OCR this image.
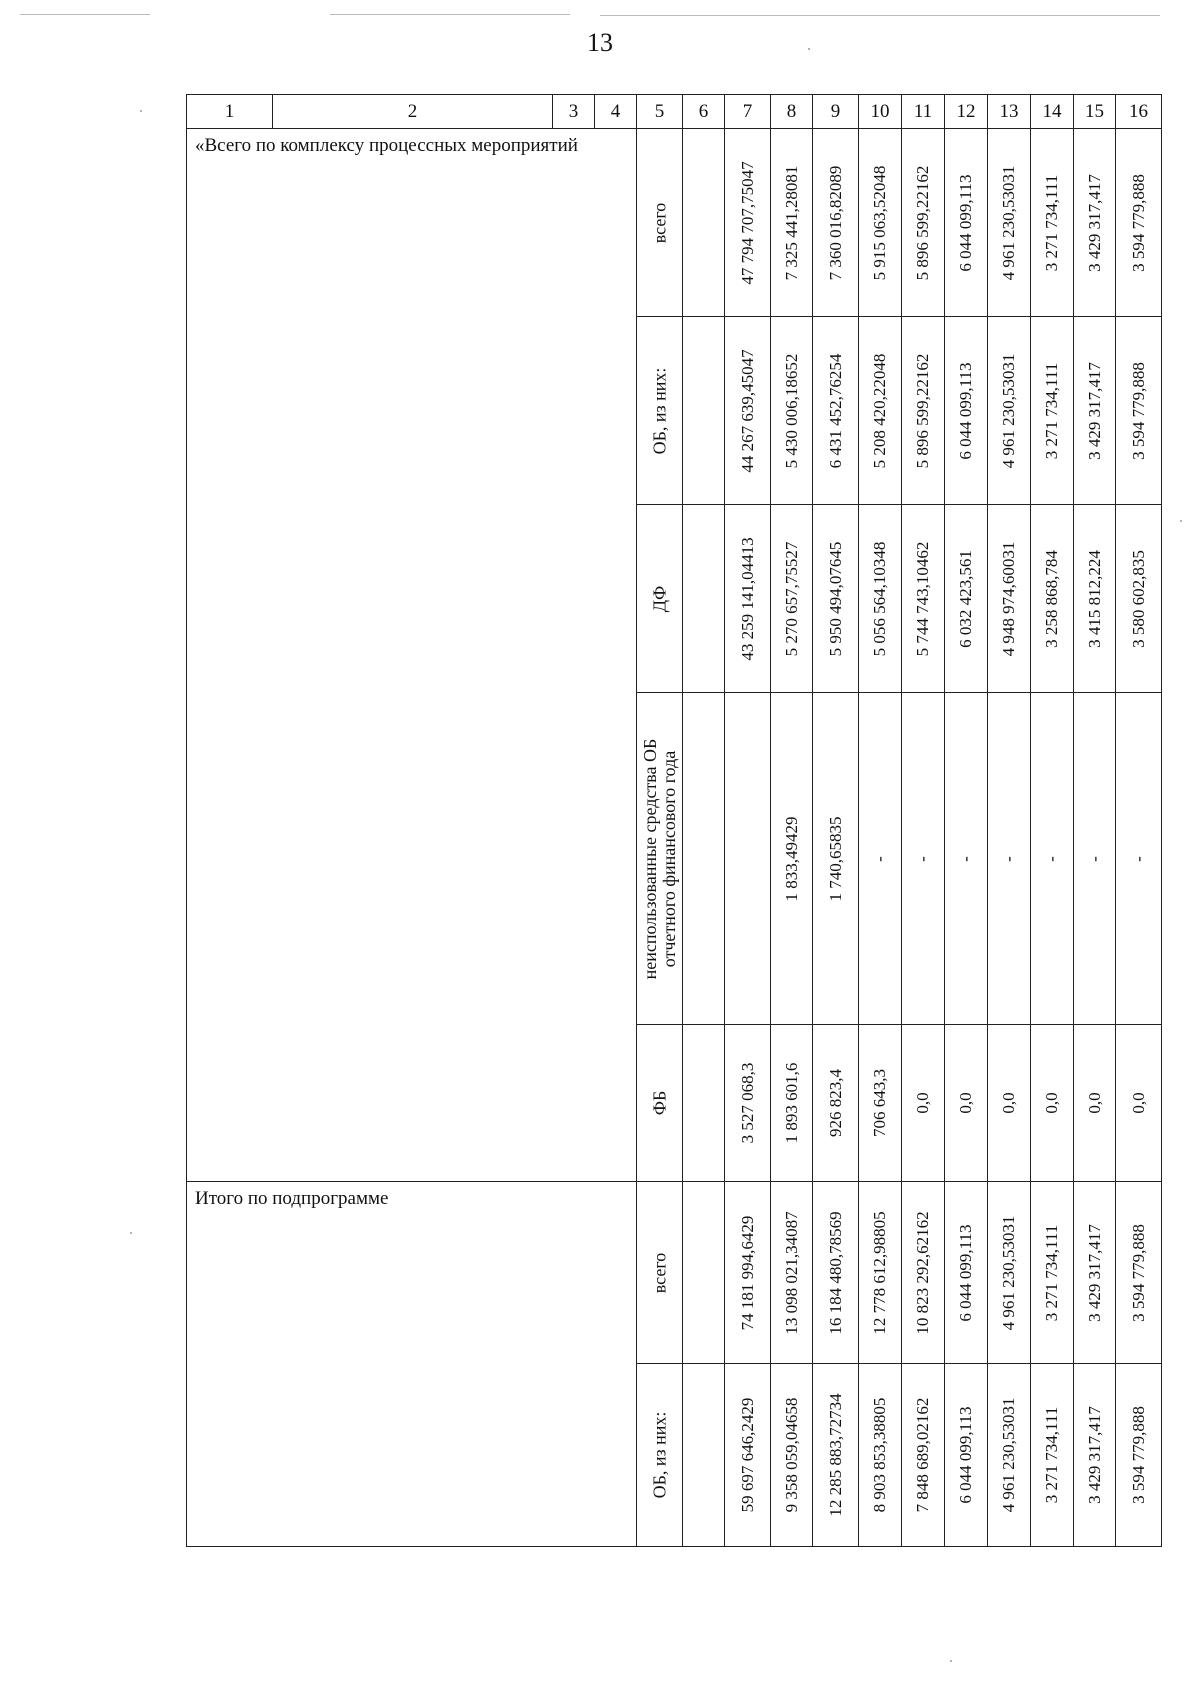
13
1	2	3	4	5	6	7	8	9	10	11	12	13	14	15	16
«Всего по комплексу процессных мероприятий				всего		47 794 707,75047	7 325 441,28081	7 360 016,82089	5 915 063,52048	5 896 599,22162	6 044 099,113	4 961 230,53031	3 271 734,111	3 429 317,417	3 594 779,888

				ОБ, из них:		44 267 639,45047	5 430 006,18652	6 431 452,76254	5 208 420,22048	5 896 599,22162	6 044 099,113	4 961 230,53031	3 271 734,111	3 429 317,417	3 594 779,888

				ДФ		43 259 141,04413	5 270 657,75527	5 950 494,07645	5 056 564,10348	5 744 743,10462	6 032 423,561	4 948 974,60031	3 258 868,784	3 415 812,224	3 580 602,835

				неиспользованные средства ОБ отчетного финансового года			1 833,49429	1 740,65835	-	-	-	-	-	-	-

				ФБ		3 527 068,3	1 893 601,6	926 823,4	706 643,3	0,0	0,0	0,0	0,0	0,0	0,0

Итого по подпрограмме				всего		74 181 994,6429	13 098 021,34087	16 184 480,78569	12 778 612,98805	10 823 292,62162	6 044 099,113	4 961 230,53031	3 271 734,111	3 429 317,417	3 594 779,888

				ОБ, из них:		59 697 646,2429	9 358 059,04658	12 285 883,72734	8 903 853,38805	7 848 689,02162	6 044 099,113	4 961 230,53031	3 271 734,111	3 429 317,417	3 594 779,888
